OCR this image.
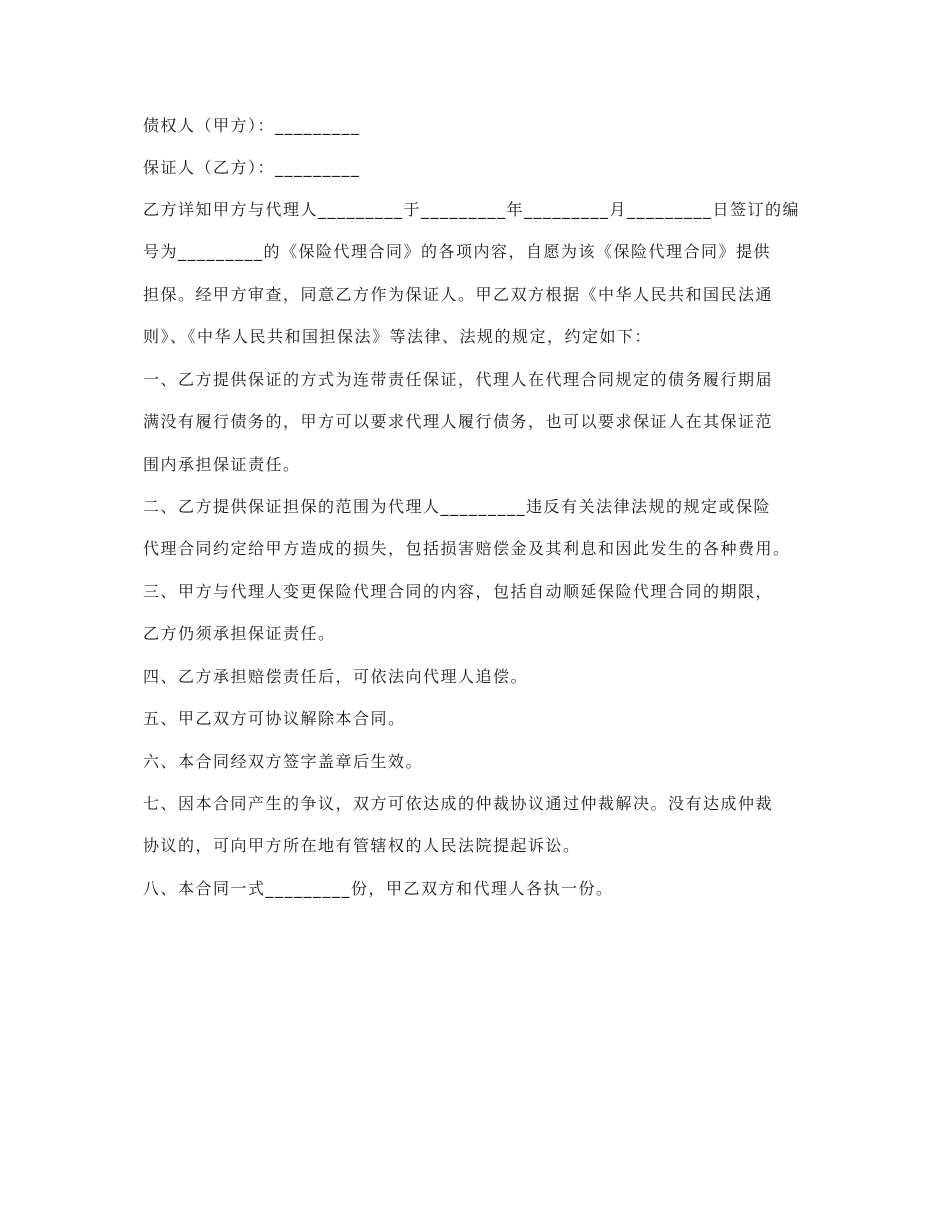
债权人（甲方）：_________
保证人（乙方）：_________
乙方详知甲方与代理人_________于_________年_________月_________日签订的编
号为_________的《保险代理合同》的各项内容，自愿为该《保险代理合同》提供
担保。经甲方审查，同意乙方作为保证人。甲乙双方根据《中华人民共和国民法通
则》、《中华人民共和国担保法》等法律、法规的规定，约定如下：
一、乙方提供保证的方式为连带责任保证，代理人在代理合同规定的债务履行期届
满没有履行债务的，甲方可以要求代理人履行债务，也可以要求保证人在其保证范
围内承担保证责任。
二、乙方提供保证担保的范围为代理人_________违反有关法律法规的规定或保险
代理合同约定给甲方造成的损失，包括损害赔偿金及其利息和因此发生的各种费用。
三、甲方与代理人变更保险代理合同的内容，包括自动顺延保险代理合同的期限，
乙方仍须承担保证责任。
四、乙方承担赔偿责任后，可依法向代理人追偿。
五、甲乙双方可协议解除本合同。
六、本合同经双方签字盖章后生效。
七、因本合同产生的争议，双方可依达成的仲裁协议通过仲裁解决。没有达成仲裁
协议的，可向甲方所在地有管辖权的人民法院提起诉讼。
八、本合同一式_________份，甲乙双方和代理人各执一份。
